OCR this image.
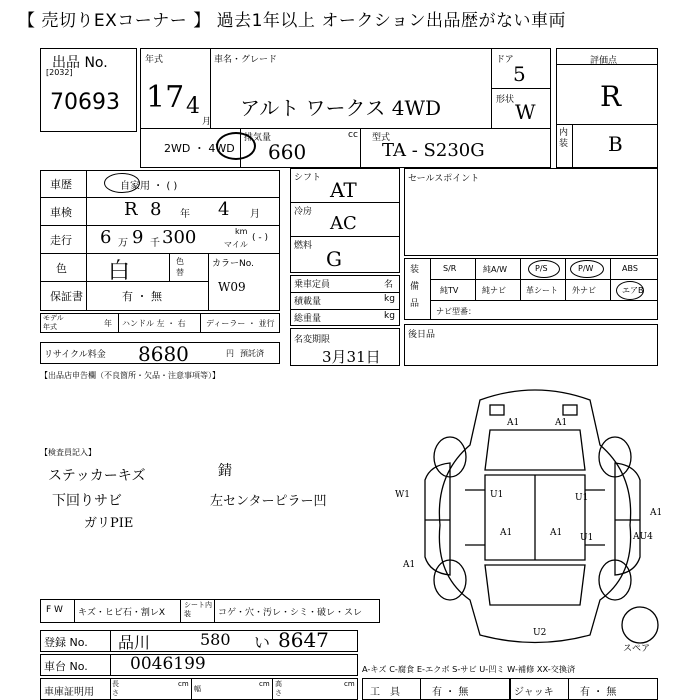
【 売切りEXコーナー 】 過去1年以上 オークション出品歴がない車両
出品 No.
[2032]
70693
年式
17 4
月
車名・グレード
アルト ワークス 4WD
ドア
5
形状 W
2WD ・ 4WD
排気量	cc
660
型式
TA - S230G
評価点
R
内装 B
車歴	自家用 ・ ( )
車検	R 8 年 4 月
走行 6 万 9 千 300	km
マイル
( - )
色 白	色替
カラーNo.
W09
保証書	有 ・ 無
モデル年式	年 ハンドル 左 ・ 右	ディーラー ・ 並行
リサイクル料金 8680	円 預託済
【出品店申告欄（不良箇所・欠品・注意事項等）】
シフト AT
冷房
AC
燃料
G
乗車定員	名
積載量	kg
総重量	kg
名変期限
3月31日
セールスポイント
装備品
S/R	純A/W	P/S	P/W	ABS
純TV	純ナビ	革シート 外ナビ	エアB
ナビ型番：
後日品
【検査員記入】
ステッカーキズ
下回りサビ
ガリPIE
錆
左センターピラー凹	W1	U1	U1
A1	A1
A1	A1
A1
A1
U1	AU4
U2
スペア
F W キズ・ヒビ石・割レX
シート内装	コゲ・穴・汚レ・シミ・破レ・スレ
登録 No. 品川	580 い 8647
車台 No. 0046199
車庫証明用
長さ
cm
幅
cm 高さ
cm
A-キズ C-腐食 E-エクボ S-サビ U-凹ミ W-補修 XX-交換済
工　具	有 ・ 無	ジャッキ	有 ・ 無
